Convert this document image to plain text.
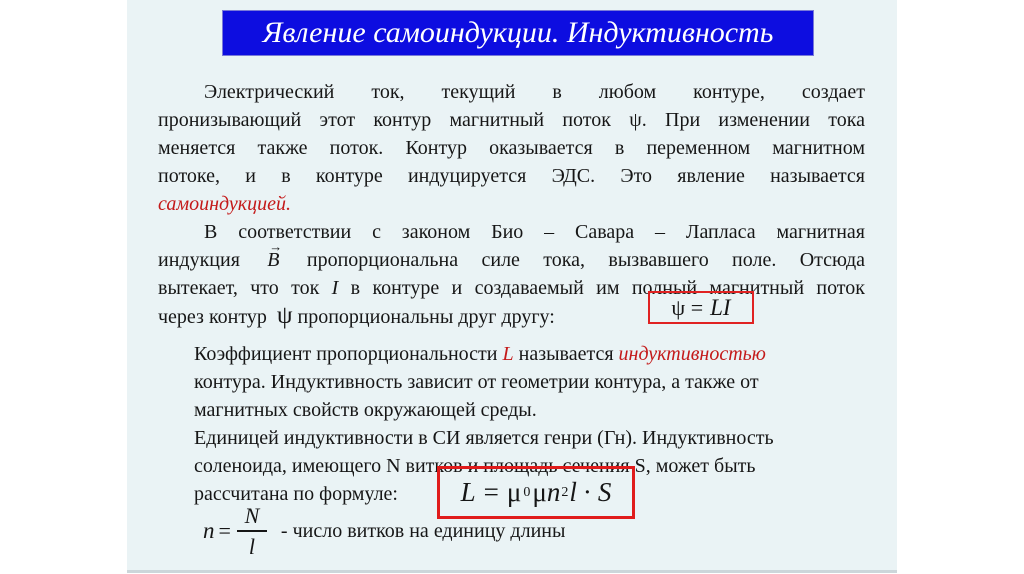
Явление самоиндукции. Индуктивность
Электрический ток, текущий в любом контуре, создает
пронизывающий этот контур магнитный поток ψ. При изменении тока
меняется также поток. Контур оказывается в переменном магнитном
потоке, и в контуре индуцируется ЭДС. Это явление называется
самоиндукцией.
В соответствии с законом Био – Савара – Лапласа магнитная
индукция
→
B пропорциональна силе тока, вызвавшего поле. Отсюда
вытекает, что ток I в контуре и создаваемый им полный магнитный поток
через контур ψ пропорциональны друг другу:
Коэффициент пропорциональности L называется индуктивностью
контура. Индуктивность зависит от геометрии контура, а также от
магнитных свойств окружающей среды.
Единицей индуктивности в СИ является генри (Гн). Индуктивность
соленоида, имеющего N витков и площадь сечения S, может быть
рассчитана по формуле:
ψ = LI
L = μ 0 μ n 2 l · S
$n = \frac{N}{l}$ - число витков на единицу длины
